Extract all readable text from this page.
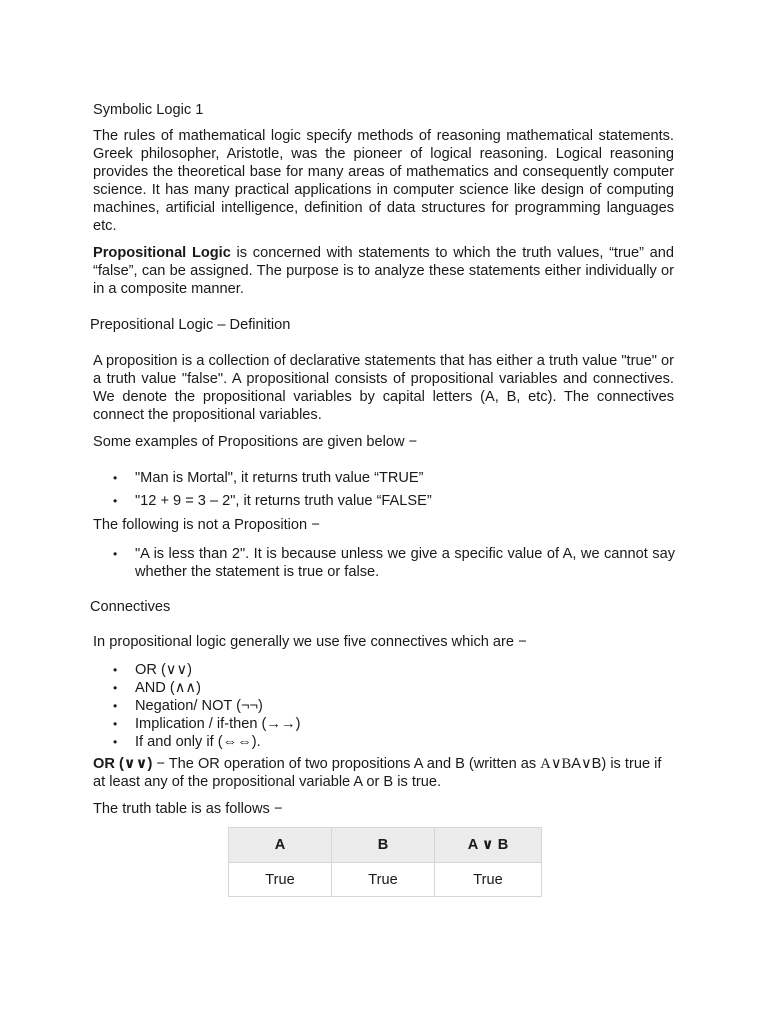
Symbolic Logic 1

The rules of mathematical logic specify methods of reasoning mathematical statements. Greek philosopher, Aristotle, was the pioneer of logical reasoning. Logical reasoning provides the theoretical base for many areas of mathematics and consequently computer science. It has many practical applications in computer science like design of computing machines, artificial intelligence, definition of data structures for programming languages etc.

Propositional Logic is concerned with statements to which the truth values, “true” and “false”, can be assigned. The purpose is to analyze these statements either individually or in a composite manner.

Prepositional Logic – Definition

A proposition is a collection of declarative statements that has either a truth value "true" or a truth value "false". A propositional consists of propositional variables and connectives. We denote the propositional variables by capital letters (A, B, etc). The connectives connect the propositional variables.

Some examples of Propositions are given below −

• "Man is Mortal", it returns truth value “TRUE”
• "12 + 9 = 3 – 2", it returns truth value “FALSE”

The following is not a Proposition −

• "A is less than 2". It is because unless we give a specific value of A, we cannot say whether the statement is true or false.

Connectives

In propositional logic generally we use five connectives which are −

• OR (∨∨)
• AND (∧∧)
• Negation/ NOT (¬¬)
• Implication / if-then (→→)
• If and only if (⇔⇔).

OR (∨∨) − The OR operation of two propositions A and B (written as A∨BA∨B) is true if at least any of the propositional variable A or B is true.

The truth table is as follows −

A	B	A ∨ B
True	True	True
